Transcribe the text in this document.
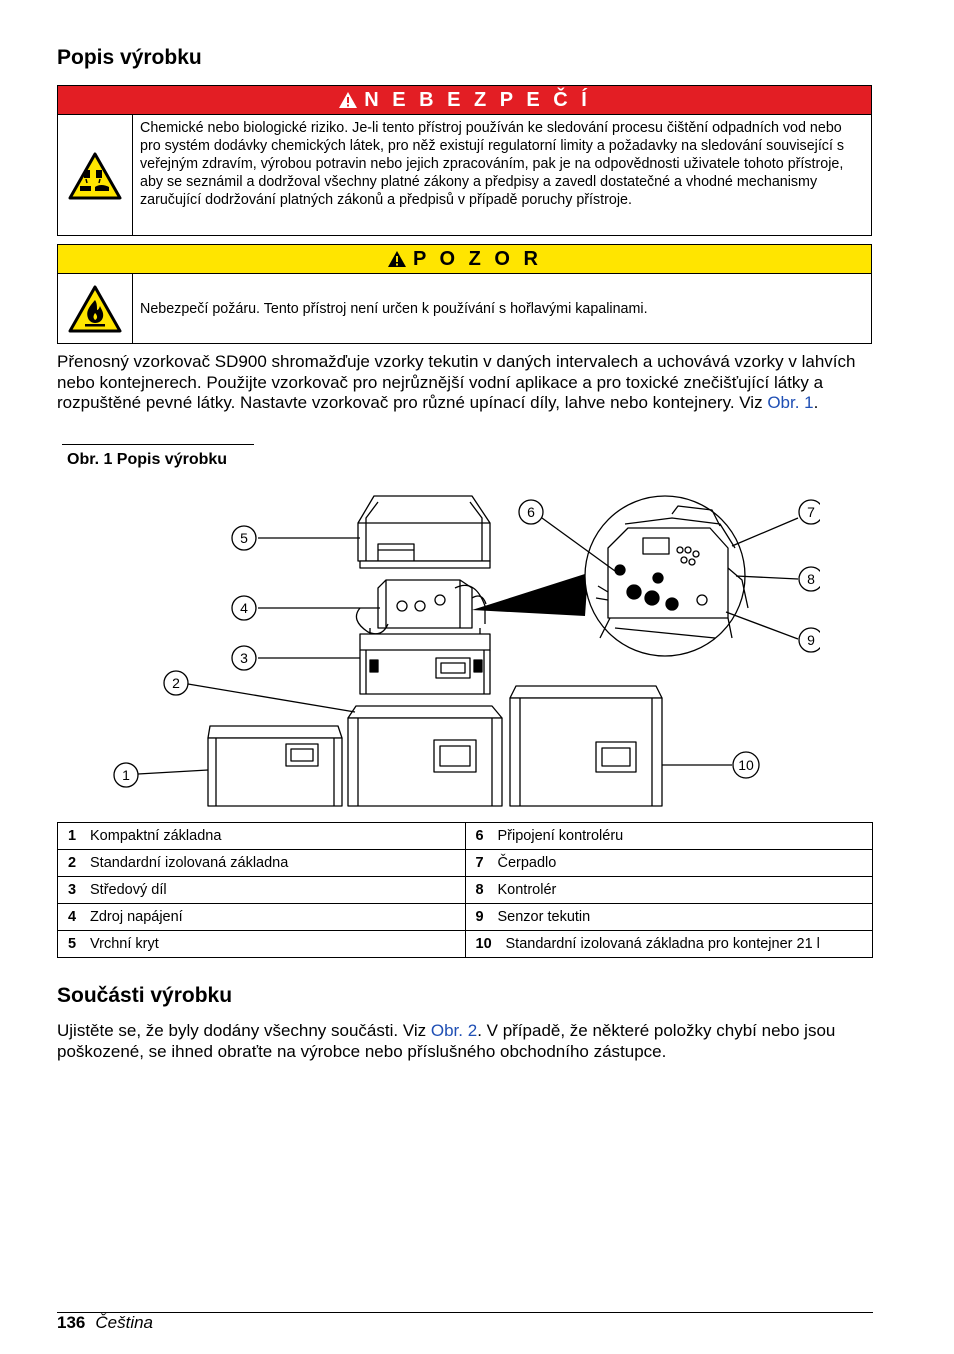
Popis výrobku
N E B E Z P E Č Í
Chemické nebo biologické riziko. Je-li tento přístroj používán ke sledování procesu čištění odpadních vod nebo pro systém dodávky chemických látek, pro něž existují regulatorní limity a požadavky na sledování související s veřejným zdravím, výrobou potravin nebo jejich zpracováním, pak je na odpovědnosti uživatele tohoto přístroje, aby se seznámil a dodržoval všechny platné zákony a předpisy a zavedl dostatečné a vhodné mechanismy zaručující dodržování platných zákonů a předpisů v případě poruchy přístroje.
P O Z O R
Nebezpečí požáru. Tento přístroj není určen k používání s hořlavými kapalinami.
Přenosný vzorkovač SD900 shromažďuje vzorky tekutin v daných intervalech a uchovává vzorky v lahvích nebo kontejnerech. Použijte vzorkovač pro nejrůznější vodní aplikace a pro toxické znečišťující látky a rozpuštěné pevné látky. Nastavte vzorkovač pro různé upínací díly, lahve nebo kontejnery. Viz Obr. 1.
Obr. 1 Popis výrobku
1
2
3
4
5
6	7
8
9
10
1 Kompaktní základna	6 Připojení kontroléru
2 Standardní izolovaná základna	7 Čerpadlo
3 Středový díl	8 Kontrolér
4 Zdroj napájení	9 Senzor tekutin
5 Vrchní kryt	10 Standardní izolovaná základna pro kontejner 21 l
Součásti výrobku
Ujistěte se, že byly dodány všechny součásti. Viz Obr. 2. V případě, že některé položky chybí nebo jsou poškozené, se ihned obraťte na výrobce nebo příslušného obchodního zástupce.
136 Čeština
